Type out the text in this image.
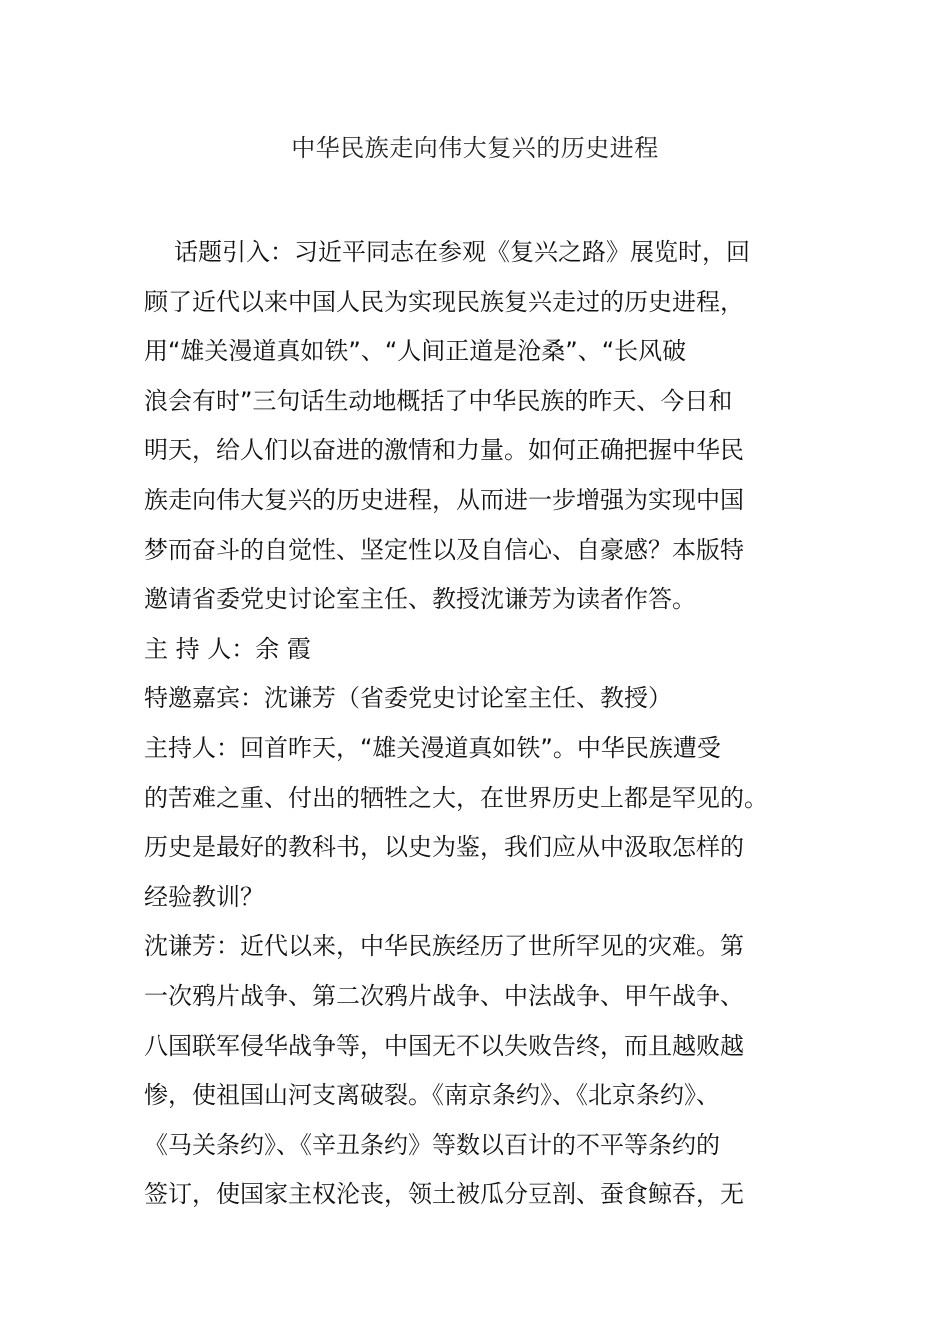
中华民族走向伟大复兴的历史进程
话题引入：习近平同志在参观《复兴之路》展览时，回
顾了近代以来中国人民为实现民族复兴走过的历史进程，
用“雄关漫道真如铁”、“人间正道是沧桑”、“长风破
浪会有时”三句话生动地概括了中华民族的昨天、今日和
明天，给人们以奋进的激情和力量。如何正确把握中华民
族走向伟大复兴的历史进程，从而进一步增强为实现中国
梦而奋斗的自觉性、坚定性以及自信心、自豪感？本版特
邀请省委党史讨论室主任、教授沈谦芳为读者作答。
主 持 人：余 霞
特邀嘉宾：沈谦芳（省委党史讨论室主任、教授）
主持人：回首昨天，“雄关漫道真如铁”。中华民族遭受
的苦难之重、付出的牺牲之大，在世界历史上都是罕见的。
历史是最好的教科书，以史为鉴，我们应从中汲取怎样的
经验教训？
沈谦芳：近代以来，中华民族经历了世所罕见的灾难。第
一次鸦片战争、第二次鸦片战争、中法战争、甲午战争、
八国联军侵华战争等，中国无不以失败告终，而且越败越
惨，使祖国山河支离破裂。《南京条约》、《北京条约》、
《马关条约》、《辛丑条约》等数以百计的不平等条约的
签订，使国家主权沦丧，领土被瓜分豆剖、蚕食鲸吞，无
